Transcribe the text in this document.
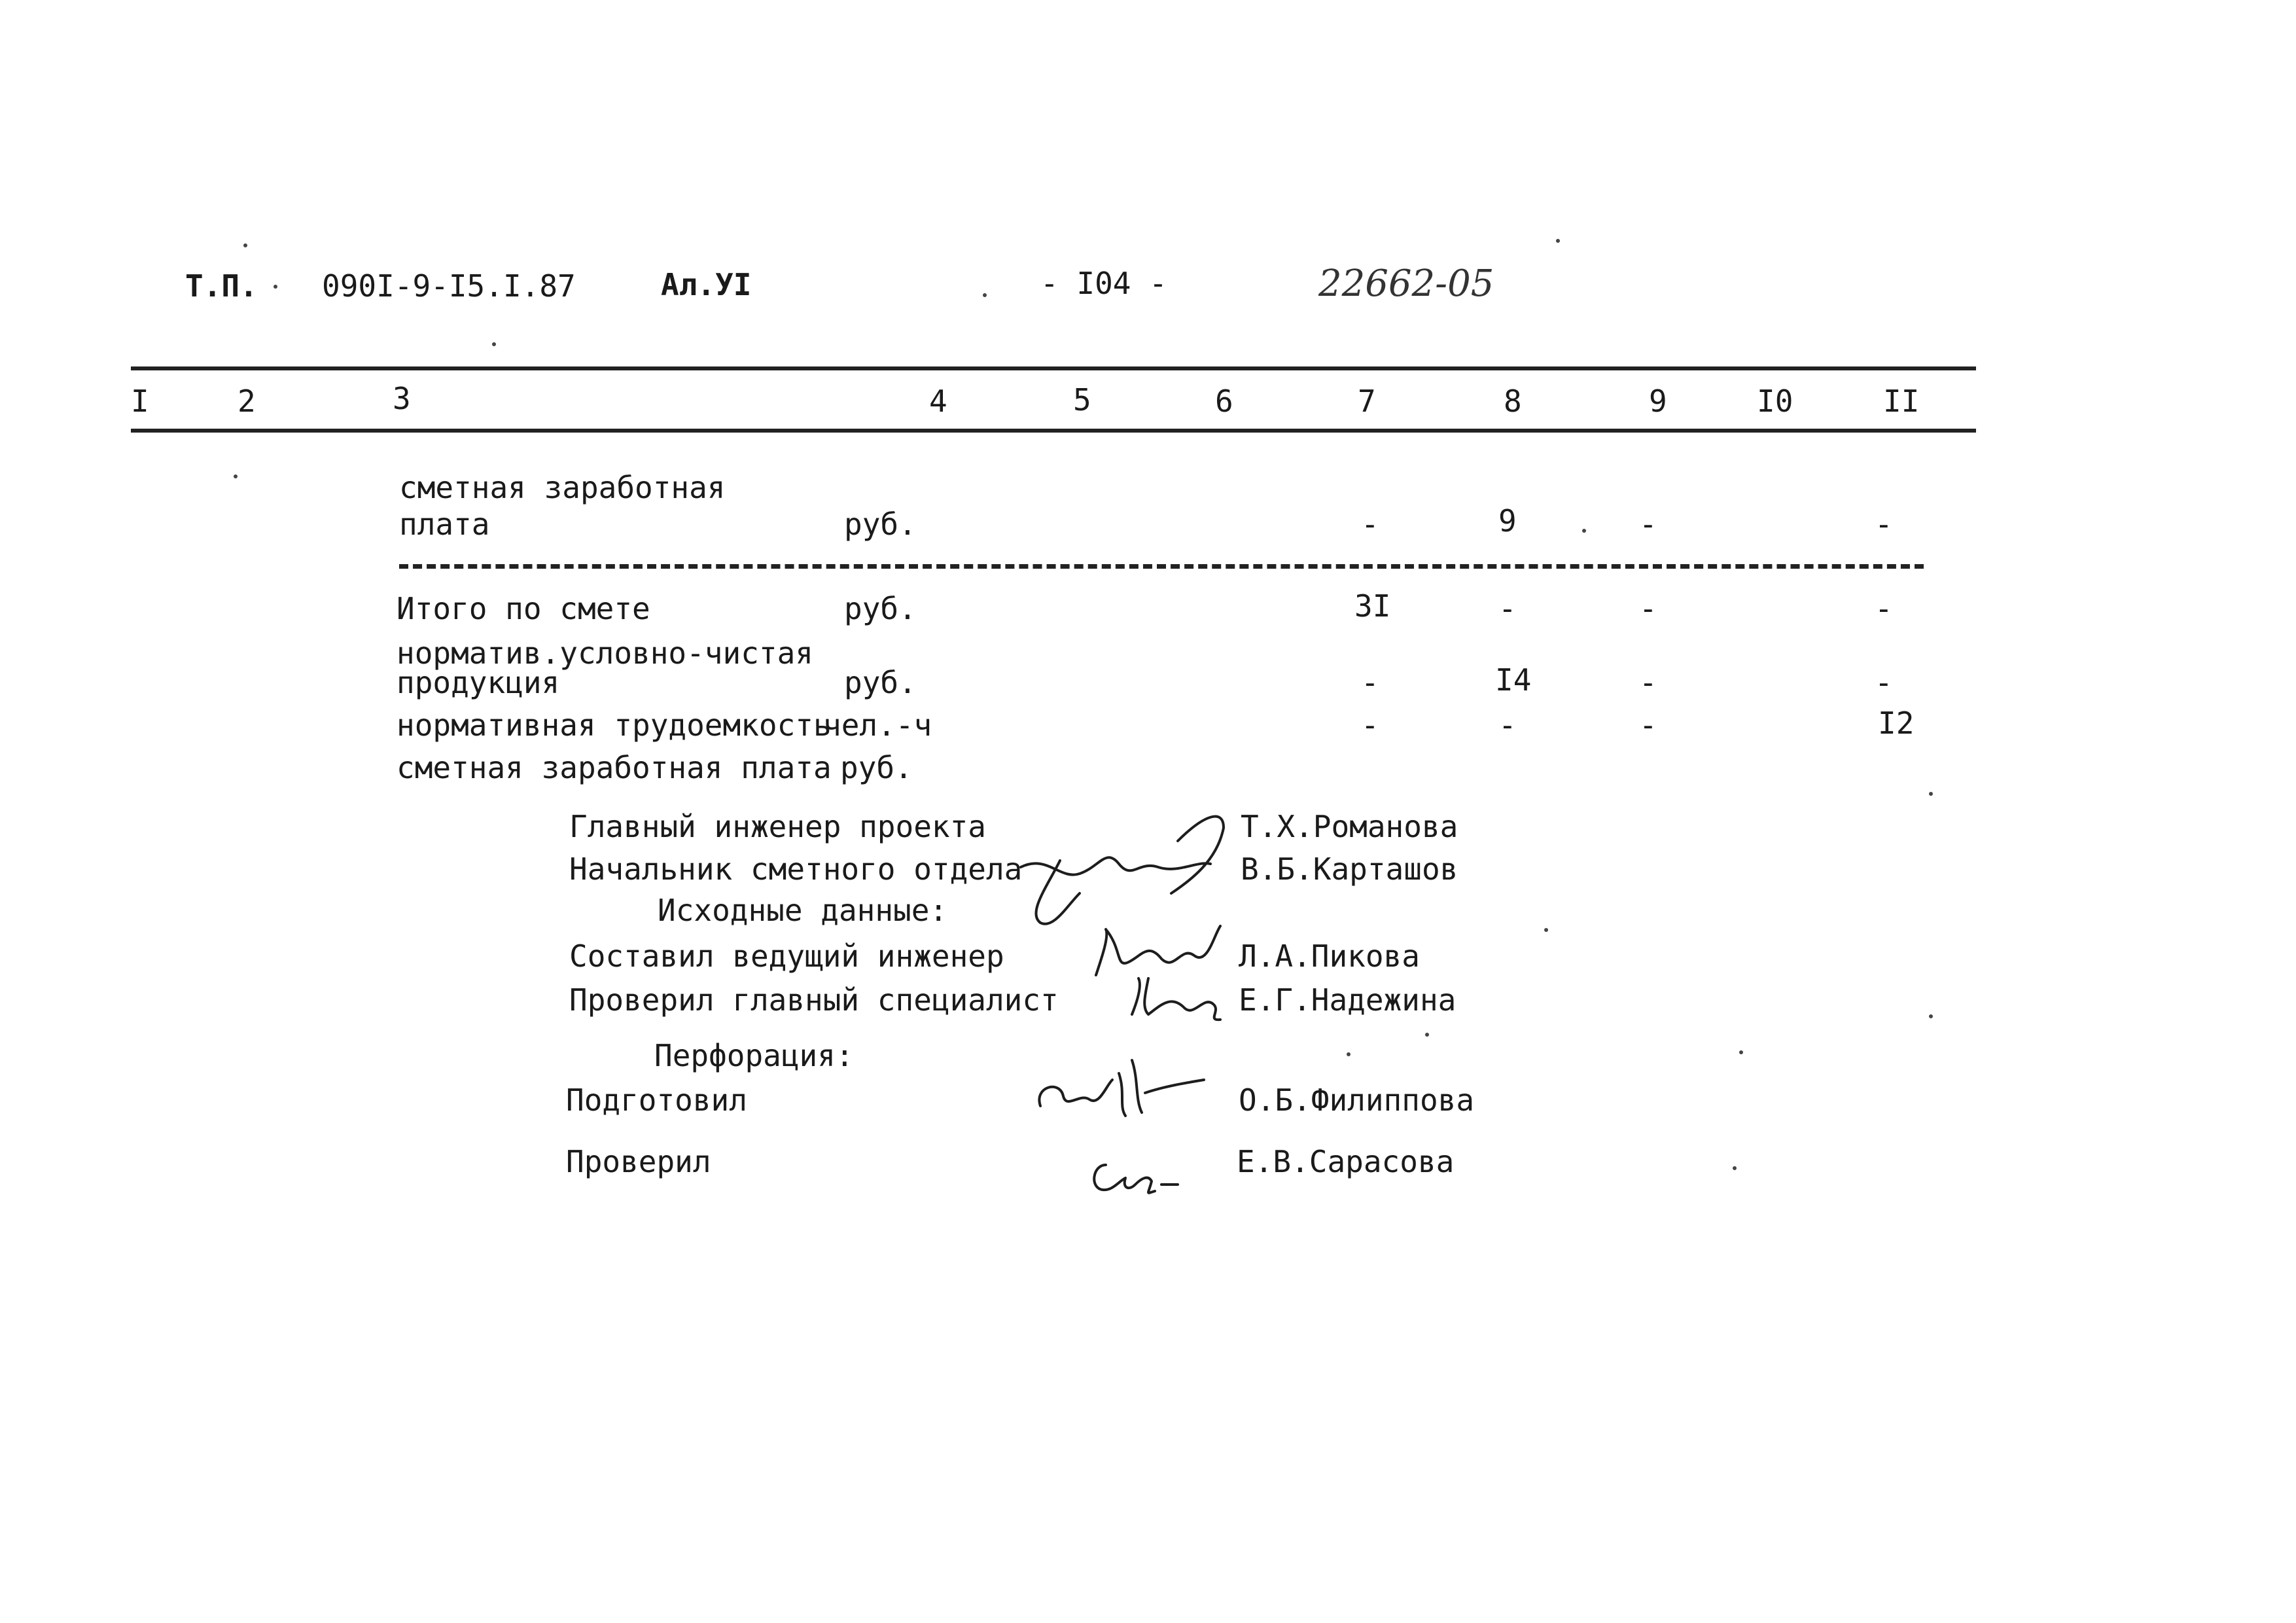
Т.П. 090I-9-I5.I.87	Ал.УI	- I04 -	22662-05
I	2	3	4	5	6	7	8	9	I0	II
сметная заработная
плата	руб.	-	9	-	-
Итого по смете	руб.	3I	-	-	-
норматив.условно-чистая
продукция	руб.	-	I4	-	-
нормативная трудоемкость
чел.-ч	-	-	-	I2
сметная заработная плата руб.
Главный инженер проекта	Т.Х.Романова
Начальник сметного отдела	В.Б.Карташов
Исходные данные:
Составил ведущий инженер	Л.А.Пикова
Проверил главный специалист	Е.Г.Надежина
Перфорация:
Подготовил	О.Б.Филиппова
Проверил	Е.В.Сарасова
